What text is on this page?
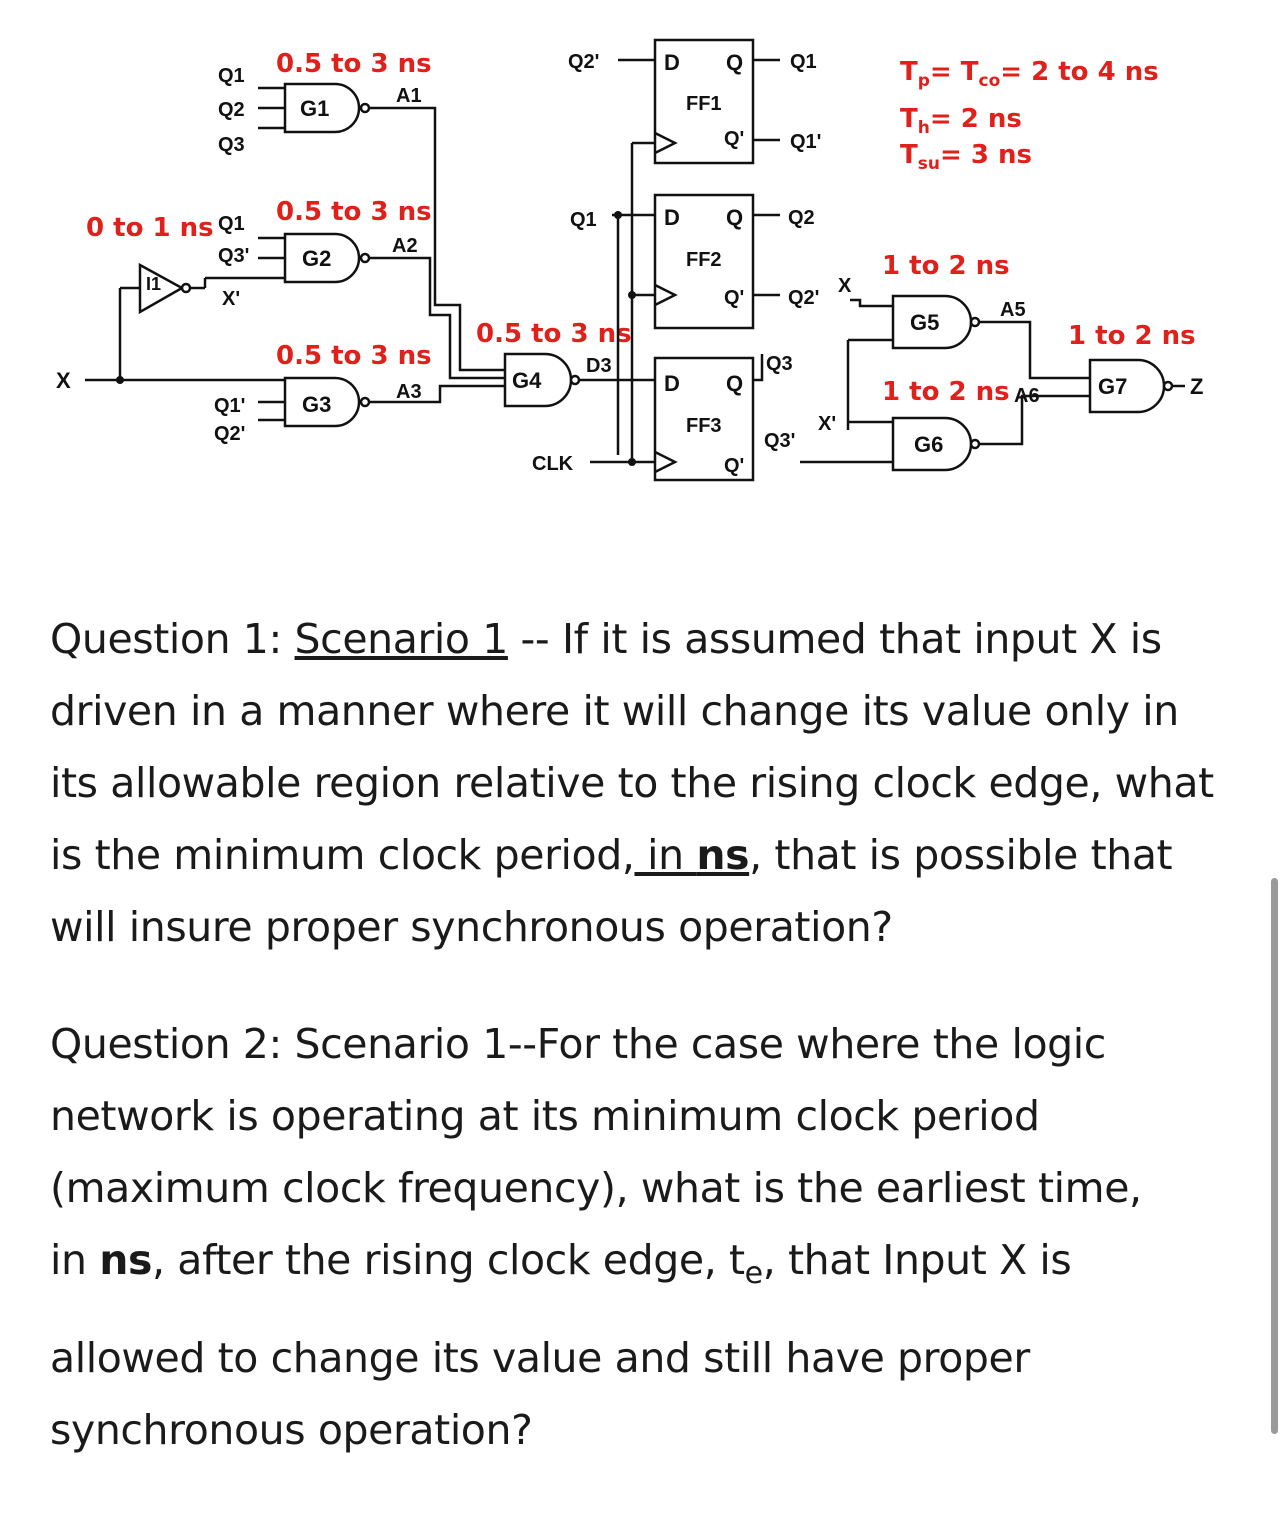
I1
X
0 to 1 ns
G1
Q1
Q2
Q3
0.5 to 3 ns
A1
G2
Q1
Q3'
X'
0.5 to 3 ns
A2
G3
Q1'
Q2'
0.5 to 3 ns
A3	G4
0.5 to 3 ns
D3
D Q
FF1
Q'
Q2'	Q1
Q1'
D Q
FF2
Q'
Q1	Q2
Q2'
D Q
FF3
Q'
Q3
Q3'
CLK
$T_p= T_{co}= 2$ to 4 ns
$T_h= 2$ ns
$T_{su}= 3$ ns
G5
1 to 2 ns
X
A5
G6
1 to 2 ns
X'
A6	G7
1 to 2 ns
Z

Question 1: Scenario 1 -- If it is assumed that input X is

driven in a manner where it will change its value only in

its allowable region relative to the rising clock edge, what

is the minimum clock period, in ns, that is possible that

will insure proper synchronous operation?

Question 2: Scenario 1--For the case where the logic

network is operating at its minimum clock period

(maximum clock frequency), what is the earliest time,

in ns, after the rising clock edge, $t_e$, that Input X is

allowed to change its value and still have proper

synchronous operation?
